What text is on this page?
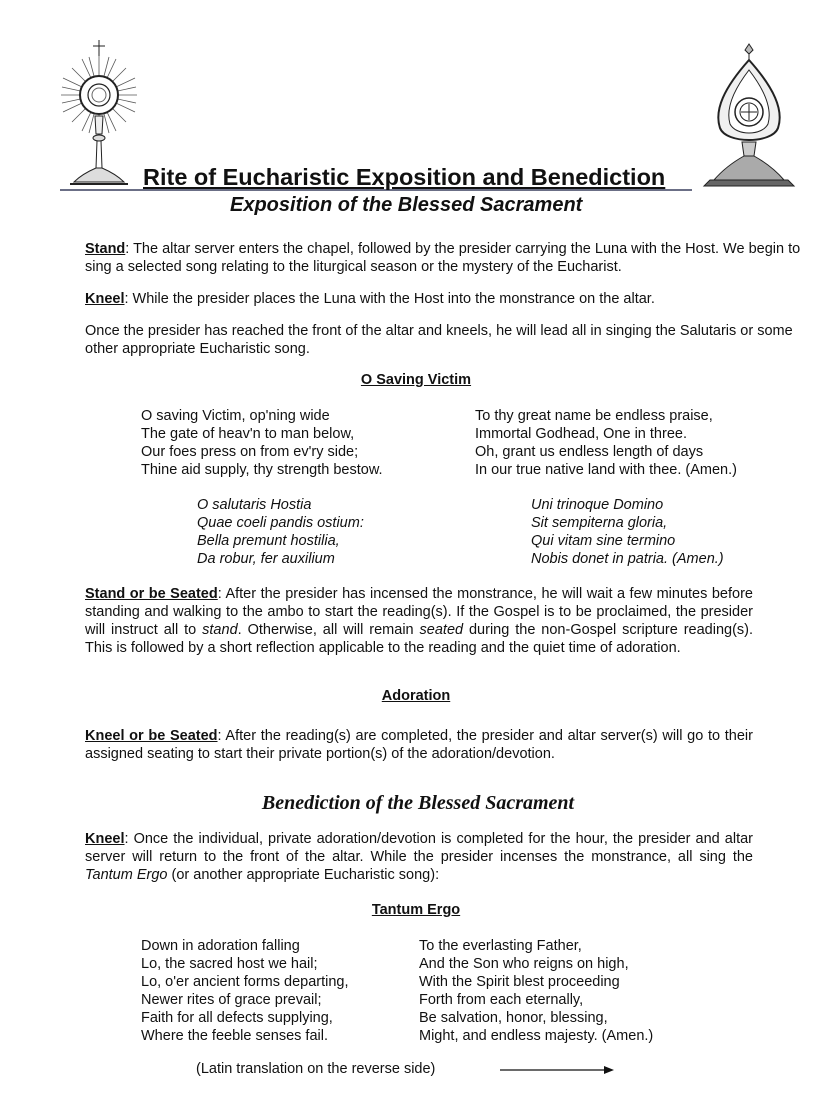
Rite of Eucharistic Exposition and Benediction
Exposition of the Blessed Sacrament
Stand: The altar server enters the chapel, followed by the presider carrying the Luna with the Host. We begin to sing a selected song relating to the liturgical season or the mystery of the Eucharist.
Kneel: While the presider places the Luna with the Host into the monstrance on the altar.
Once the presider has reached the front of the altar and kneels, he will lead all in singing the Salutaris or some other appropriate Eucharistic song.
O Saving Victim
O saving Victim, op'ning wide
The gate of heav'n to man below,
Our foes press on from ev'ry side;
Thine aid supply, thy strength bestow.
To thy great name be endless praise,
Immortal Godhead, One in three.
Oh, grant us endless length of days
In our true native land with thee. (Amen.)
O salutaris Hostia
Quae coeli pandis ostium:
Bella premunt hostilia,
Da robur, fer auxilium
Uni trinoque Domino
Sit sempiterna gloria,
Qui vitam sine termino
Nobis donet in patria. (Amen.)
Stand or be Seated: After the presider has incensed the monstrance, he will wait a few minutes before standing and walking to the ambo to start the reading(s). If the Gospel is to be proclaimed, the presider will instruct all to stand. Otherwise, all will remain seated during the non-Gospel scripture reading(s). This is followed by a short reflection applicable to the reading and the quiet time of adoration.
Adoration
Kneel or be Seated: After the reading(s) are completed, the presider and altar server(s) will go to their assigned seating to start their private portion(s) of the adoration/devotion.
Benediction of the Blessed Sacrament
Kneel: Once the individual, private adoration/devotion is completed for the hour, the presider and altar server will return to the front of the altar. While the presider incenses the monstrance, all sing the Tantum Ergo (or another appropriate Eucharistic song):
Tantum Ergo
Down in adoration falling
Lo, the sacred host we hail;
Lo, o'er ancient forms departing,
Newer rites of grace prevail;
Faith for all defects supplying,
Where the feeble senses fail.
To the everlasting Father,
And the Son who reigns on high,
With the Spirit blest proceeding
Forth from each eternally,
Be salvation, honor, blessing,
Might, and endless majesty. (Amen.)
(Latin translation on the reverse side)
